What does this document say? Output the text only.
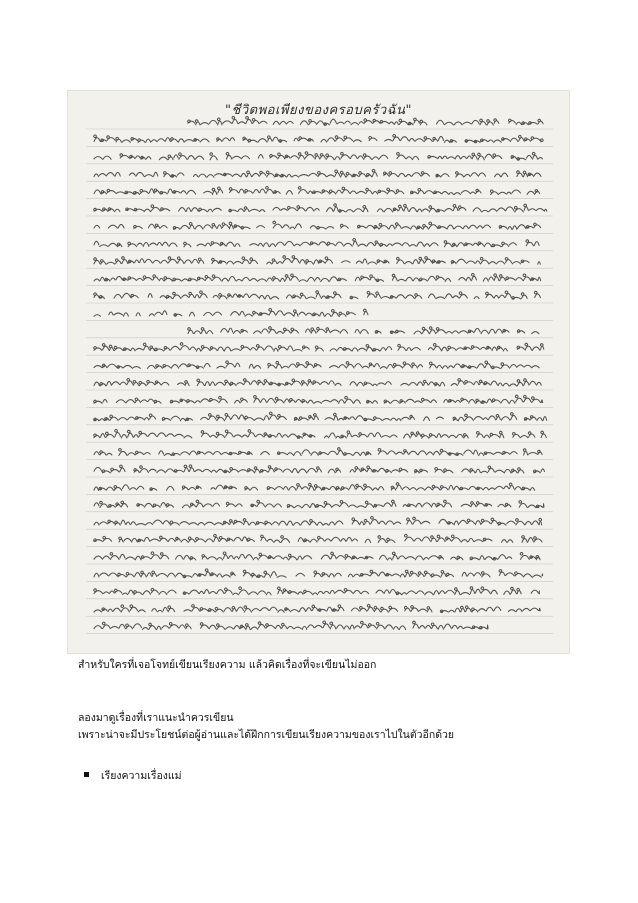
"ชีวิตพอเพียงของครอบครัวฉัน"
สำหรับใครที่เจอโจทย์เขียนเรียงความ แล้วคิดเรื่องที่จะเขียนไม่ออก
ลองมาดูเรื่องที่เราแนะนำควรเขียน
เพราะน่าจะมีประโยชน์ต่อผู้อ่านและได้ฝึกการเขียนเรียงความของเราไปในตัวอีกด้วย
เรียงความเรื่องแม่
